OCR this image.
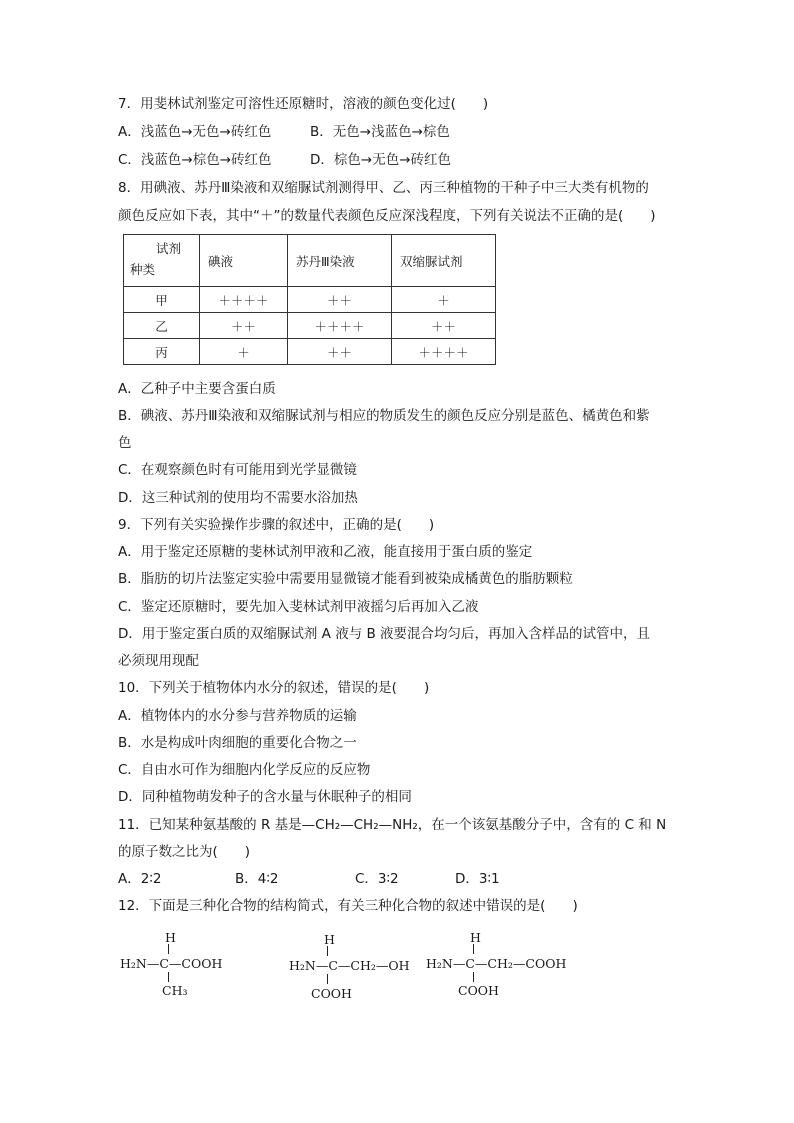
7．用斐林试剂鉴定可溶性还原糖时，溶液的颜色变化过(　　)
A．浅蓝色→无色→砖红色	B．无色→浅蓝色→棕色
C．浅蓝色→棕色→砖红色	D．棕色→无色→砖红色
8．用碘液、苏丹Ⅲ染液和双缩脲试剂测得甲、乙、丙三种植物的干种子中三大类有机物的
颜色反应如下表，其中“＋”的数量代表颜色反应深浅程度，下列有关说法不正确的是(　　)
试剂
种类	碘液	苏丹Ⅲ染液	双缩脲试剂
甲	＋＋＋＋	＋＋	＋
乙	＋＋	＋＋＋＋	＋＋
丙	＋	＋＋	＋＋＋＋
A．乙种子中主要含蛋白质
B．碘液、苏丹Ⅲ染液和双缩脲试剂与相应的物质发生的颜色反应分别是蓝色、橘黄色和紫
色
C．在观察颜色时有可能用到光学显微镜
D．这三种试剂的使用均不需要水浴加热
9．下列有关实验操作步骤的叙述中，正确的是(　　)
A．用于鉴定还原糖的斐林试剂甲液和乙液，能直接用于蛋白质的鉴定
B．脂肪的切片法鉴定实验中需要用显微镜才能看到被染成橘黄色的脂肪颗粒
C．鉴定还原糖时，要先加入斐林试剂甲液摇匀后再加入乙液
D．用于鉴定蛋白质的双缩脲试剂 A 液与 B 液要混合均匀后，再加入含样品的试管中，且
必须现用现配
10．下列关于植物体内水分的叙述，错误的是(　　)
A．植物体内的水分参与营养物质的运输
B．水是构成叶肉细胞的重要化合物之一
C．自由水可作为细胞内化学反应的反应物
D．同种植物萌发种子的含水量与休眠种子的相同
11．已知某种氨基酸的 R 基是—CH₂—CH₂—NH₂，在一个该氨基酸分子中，含有的 C 和 N
的原子数之比为(　　)
A．2∶2	B．4∶2	C．3∶2	D．3∶1
12．下面是三种化合物的结构简式，有关三种化合物的叙述中错误的是(　　)
H
H₂N—C—COOH
CH₃
H
H₂N—C—CH₂—OH
COOH
H
H₂N—C—CH₂—COOH
COOH
